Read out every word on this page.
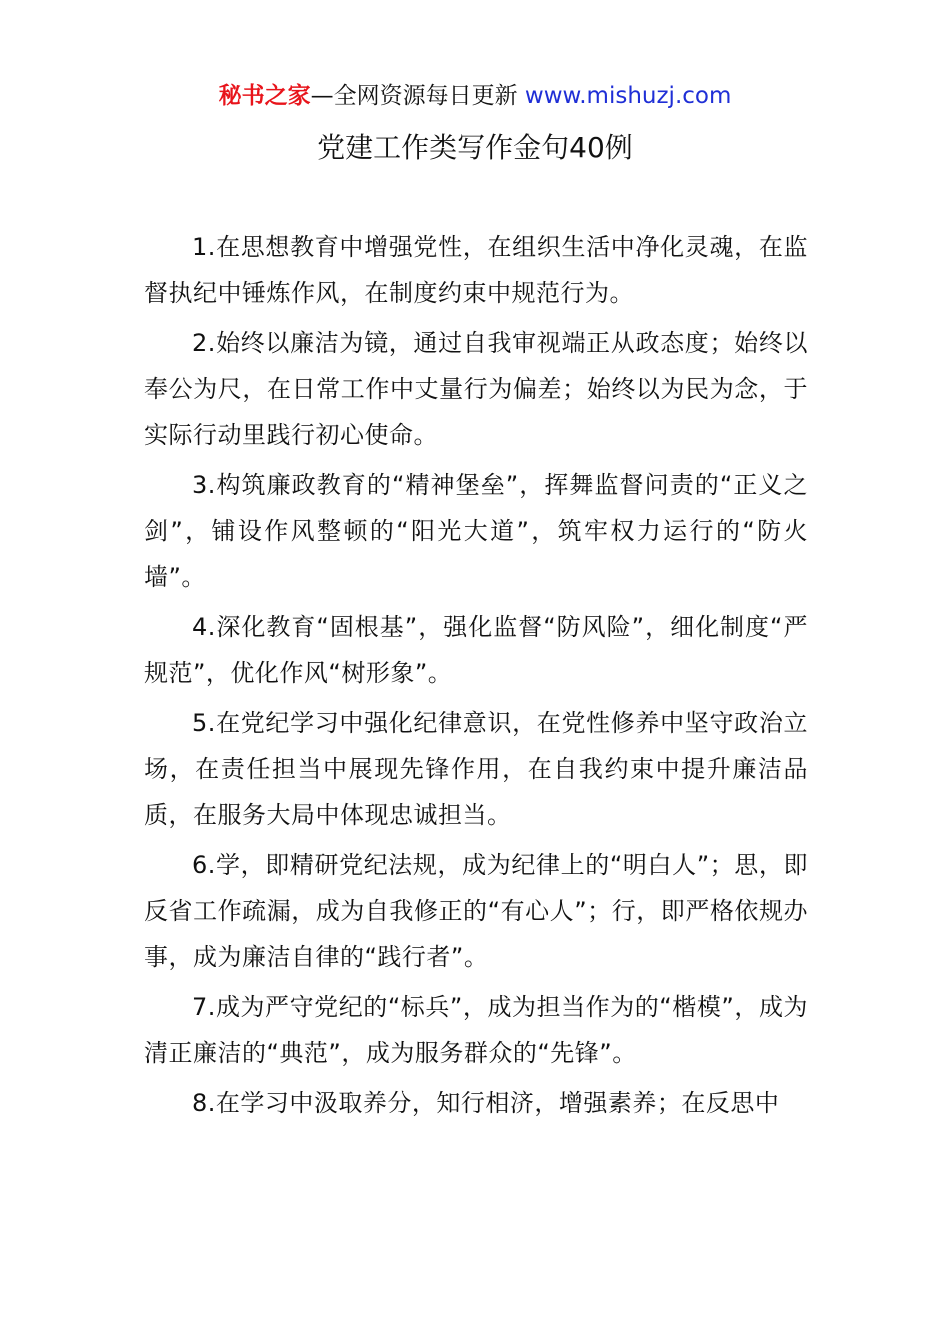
秘书之家—全网资源每日更新 www.mishuzj.com
党建工作类写作金句40例

1.在思想教育中增强党性，在组织生活中净化灵魂，在监督执纪中锤炼作风，在制度约束中规范行为。

2.始终以廉洁为镜，通过自我审视端正从政态度；始终以奉公为尺，在日常工作中丈量行为偏差；始终以为民为念，于实际行动里践行初心使命。

3.构筑廉政教育的“精神堡垒”，挥舞监督问责的“正义之剑”，铺设作风整顿的“阳光大道”，筑牢权力运行的“防火墙”。

4.深化教育“固根基”，强化监督“防风险”，细化制度“严规范”，优化作风“树形象”。

5.在党纪学习中强化纪律意识，在党性修养中坚守政治立场，在责任担当中展现先锋作用，在自我约束中提升廉洁品质，在服务大局中体现忠诚担当。

6.学，即精研党纪法规，成为纪律上的“明白人”；思，即反省工作疏漏，成为自我修正的“有心人”；行，即严格依规办事，成为廉洁自律的“践行者”。

7.成为严守党纪的“标兵”，成为担当作为的“楷模”，成为清正廉洁的“典范”，成为服务群众的“先锋”。

8.在学习中汲取养分，知行相济，增强素养；在反思中
